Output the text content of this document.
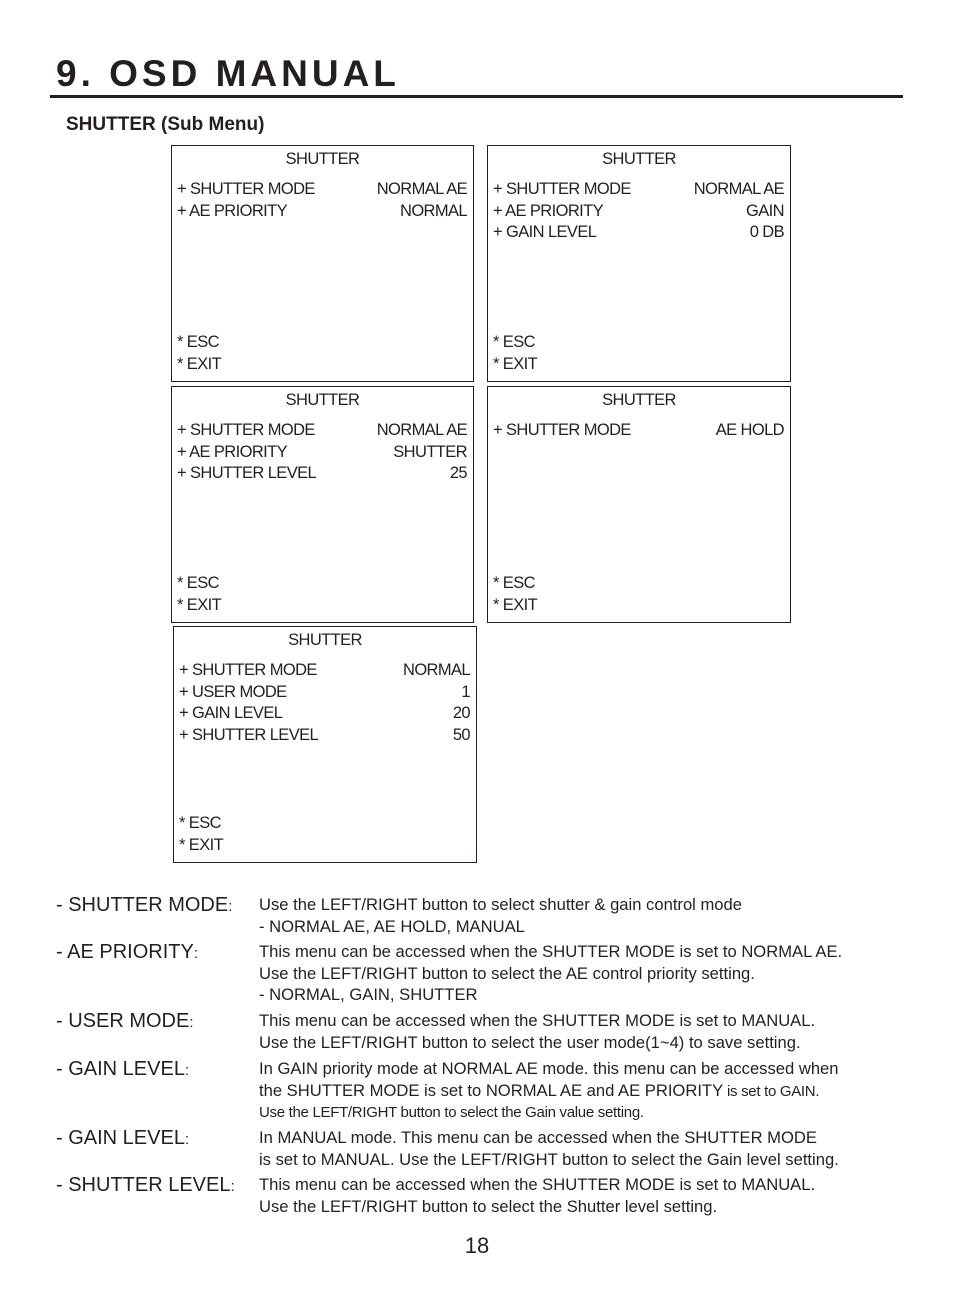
9. OSD MANUAL
SHUTTER (Sub Menu)
SHUTTER
+ SHUTTER MODE	NORMAL AE
+ AE PRIORITY	NORMAL
* ESC
* EXIT
SHUTTER
+ SHUTTER MODE	NORMAL AE
+ AE PRIORITY	GAIN
+ GAIN LEVEL	0 DB
* ESC
* EXIT
SHUTTER
+ SHUTTER MODE	NORMAL AE
+ AE PRIORITY	SHUTTER
+ SHUTTER LEVEL	25
* ESC
* EXIT
SHUTTER
+ SHUTTER MODE	AE HOLD
* ESC
* EXIT
SHUTTER
+ SHUTTER MODE	NORMAL
+ USER MODE	1
+ GAIN LEVEL	20
+ SHUTTER LEVEL	50
* ESC
* EXIT
- SHUTTER MODE: Use the LEFT/RIGHT button to select shutter & gain control mode
- NORMAL AE, AE HOLD, MANUAL
- AE PRIORITY:	This menu can be accessed when the SHUTTER MODE is set to NORMAL AE.
Use the LEFT/RIGHT button to select the AE control priority setting.
- NORMAL, GAIN, SHUTTER
- USER MODE:	This menu can be accessed when the SHUTTER MODE is set to MANUAL.
Use the LEFT/RIGHT button to select the user mode(1~4) to save setting.
- GAIN LEVEL:	In GAIN priority mode at NORMAL AE mode. this menu can be accessed when
the SHUTTER MODE is set to NORMAL AE and AE PRIORITY is set to GAIN.
Use the LEFT/RIGHT button to select the Gain value setting.
- GAIN LEVEL:	In MANUAL mode. This menu can be accessed when the SHUTTER MODE
is set to MANUAL. Use the LEFT/RIGHT button to select the Gain level setting.
- SHUTTER LEVEL: This menu can be accessed when the SHUTTER MODE is set to MANUAL.
Use the LEFT/RIGHT button to select the Shutter level setting.
18
